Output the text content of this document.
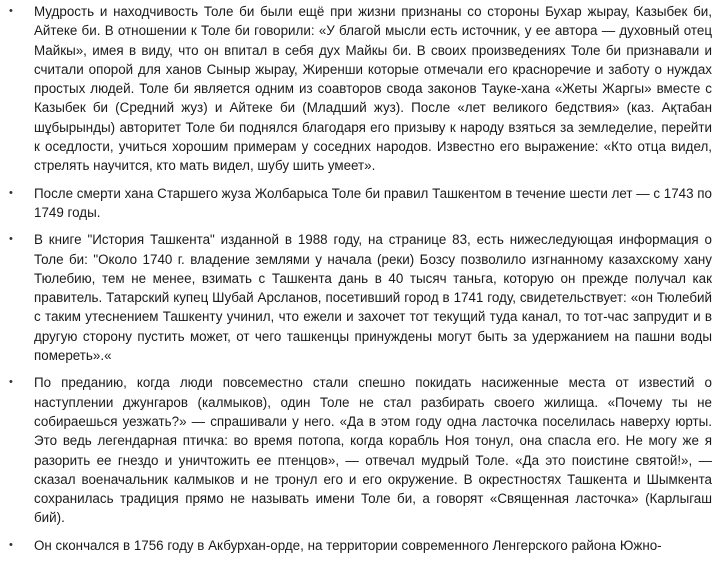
• Мудрость и находчивость Толе би были ещё при жизни признаны со стороны Бухар жырау, Казыбек би, Айтеке би. В отношении к Толе би говорили: «У благой мысли есть источник, у ее автора — духовный отец Майкы», имея в виду, что он впитал в себя дух Майкы би. В своих произведениях Толе би признавали и считали опорой для ханов Сыныр жырау, Жиренши которые отмечали его красноречие и заботу о нуждах простых людей. Толе би является одним из соавторов свода законов Тауке-хана «Жеты Жаргы» вместе с Казыбек би (Средний жуз) и Айтеке би (Младший жуз). После «лет великого бедствия» (каз. Ақтабан шұбырынды) авторитет Толе би поднялся благодаря его призыву к народу взяться за земледелие, перейти к оседлости, учиться хорошим примерам у соседних народов. Известно его выражение: «Кто отца видел, стрелять научится, кто мать видел, шубу шить умеет».
• После смерти хана Старшего жуза Жолбарыса Толе би правил Ташкентом в течение шести лет — с 1743 по 1749 годы.
• В книге "История Ташкента" изданной в 1988 году, на странице 83, есть нижеследующая информация о Толе би: "Около 1740 г. владение землями у начала (реки) Бозсу позволило изгнанному казахскому хану Тюлебию, тем не менее, взимать с Ташкента дань в 40 тысяч таньга, которую он прежде получал как правитель. Татарский купец Шубай Арсланов, посетивший город в 1741 году, свидетельствует: «он Тюлебий с таким утеснением Ташкенту учинил, что ежели и захочет тот текущий туда канал, то тот-час запрудит и в другую сторону пустить может, от чего ташкенцы принуждены могут быть за удержанием на пашни воды помереть».«
• По преданию, когда люди повсеместно стали спешно покидать насиженные места от известий о наступлении джунгаров (калмыков), один Толе не стал разбирать своего жилища. «Почему ты не собираешься уезжать?» — спрашивали у него. «Да в этом году одна ласточка поселилась наверху юрты. Это ведь легендарная птичка: во время потопа, когда корабль Ноя тонул, она спасла его. Не могу же я разорить ее гнездо и уничтожить ее птенцов», — отвечал мудрый Толе. «Да это поистине святой!», — сказал военачальник калмыков и не тронул его и его окружение. В окрестностях Ташкента и Шымкента сохранилась традиция прямо не называть имени Толе би, а говорят «Священная ласточка» (Карлыгаш бий).
• Он скончался в 1756 году в Акбурхан-орде, на территории современного Ленгерского района Южно-
